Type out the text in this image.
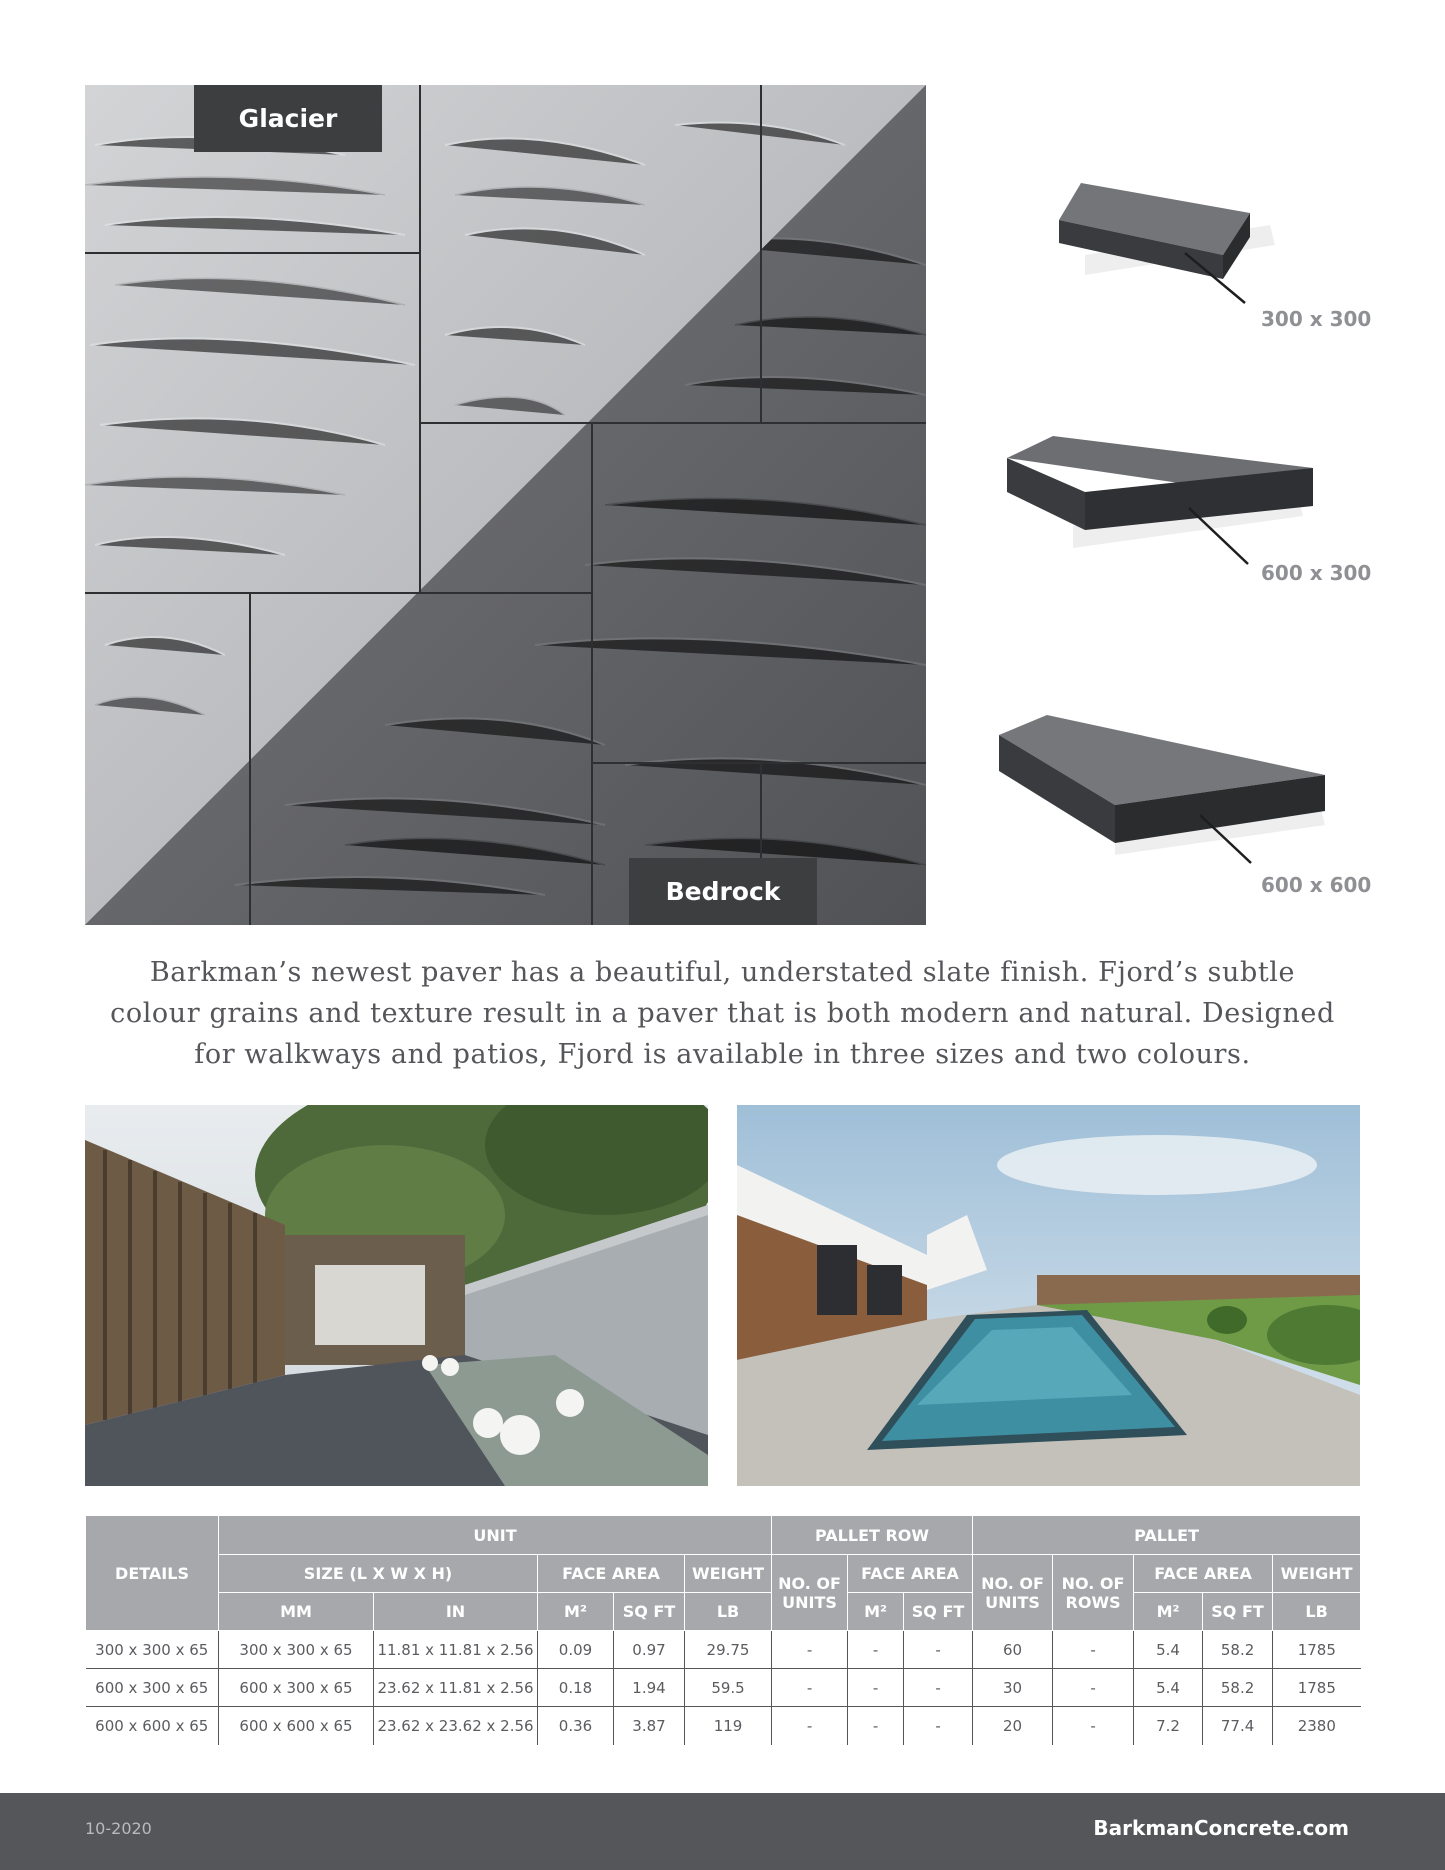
Glacier
Bedrock
300 x 300
600 x 300
600 x 600
Barkman’s newest paver has a beautiful, understated slate finish. Fjord’s subtle
colour grains and texture result in a paver that is both modern and natural. Designed
for walkways and patios, Fjord is available in three sizes and two colours.
DETAILS	UNIT					PALLET ROW			PALLET				
	SIZE (L X W X H)		FACE AREA		WEIGHT	NO. OF UNITS	FACE AREA		NO. OF UNITS	NO. OF ROWS	FACE AREA		WEIGHT
	MM	IN	M²	SQ FT	LB		M²	SQ FT			M²	SQ FT	LB
300 x 300 x 65	300 x 300 x 65	11.81 x 11.81 x 2.56	0.09	0.97	29.75	-	-	-	60	-	5.4	58.2	1785
600 x 300 x 65	600 x 300 x 65	23.62 x 11.81 x 2.56	0.18	1.94	59.5	-	-	-	30	-	5.4	58.2	1785
600 x 600 x 65	600 x 600 x 65	23.62 x 23.62 x 2.56	0.36	3.87	119	-	-	-	20	-	7.2	77.4	2380
10-2020	BarkmanConcrete.com
